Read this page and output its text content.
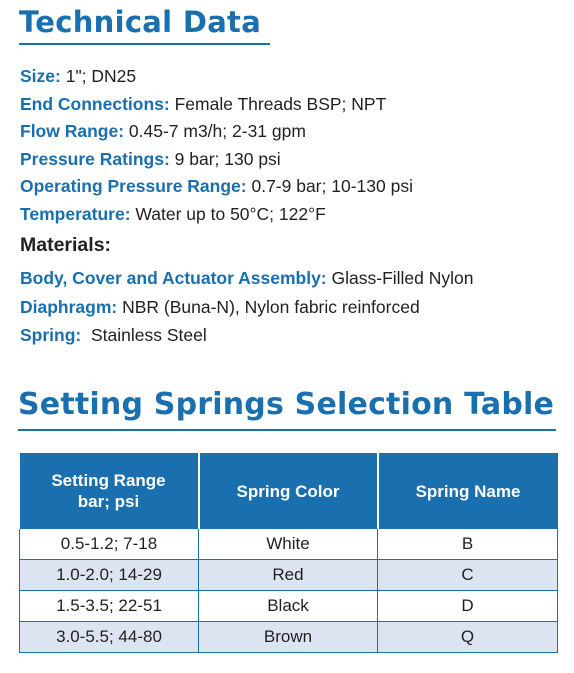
Technical Data
Size: 1"; DN25
End Connections: Female Threads BSP; NPT
Flow Range: 0.45-7 m3/h; 2-31 gpm
Pressure Ratings: 9 bar; 130 psi
Operating Pressure Range: 0.7-9 bar; 10-130 psi
Temperature: Water up to 50°C; 122°F
Materials:
Body, Cover and Actuator Assembly: Glass-Filled Nylon
Diaphragm: NBR (Buna-N), Nylon fabric reinforced
Spring:  Stainless Steel
Setting Springs Selection Table
Setting Range
bar; psi	Spring Color	Spring Name
0.5-1.2; 7-18	White	B
1.0-2.0; 14-29	Red	C
1.5-3.5; 22-51	Black	D
3.0-5.5; 44-80	Brown	Q
